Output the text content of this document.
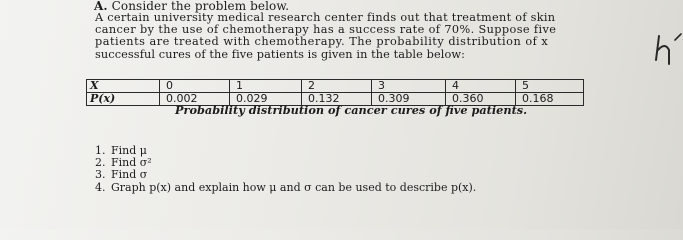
A. Consider the problem below.
A certain university medical research center finds out that treatment of skin
cancer by the use of chemotherapy has a success rate of 70%. Suppose five
patients are treated with chemotherapy. The probability distribution of x
successful cures of the five patients is given in the table below:
X	0	1	2	3	4	5
P(x)	0.002	0.029	0.132	0.309	0.360	0.168
Probability distribution of cancer cures of five patients.
1. Find μ
2. Find σ²
3. Find σ
4. Graph p(x) and explain how μ and σ can be used to describe p(x).
